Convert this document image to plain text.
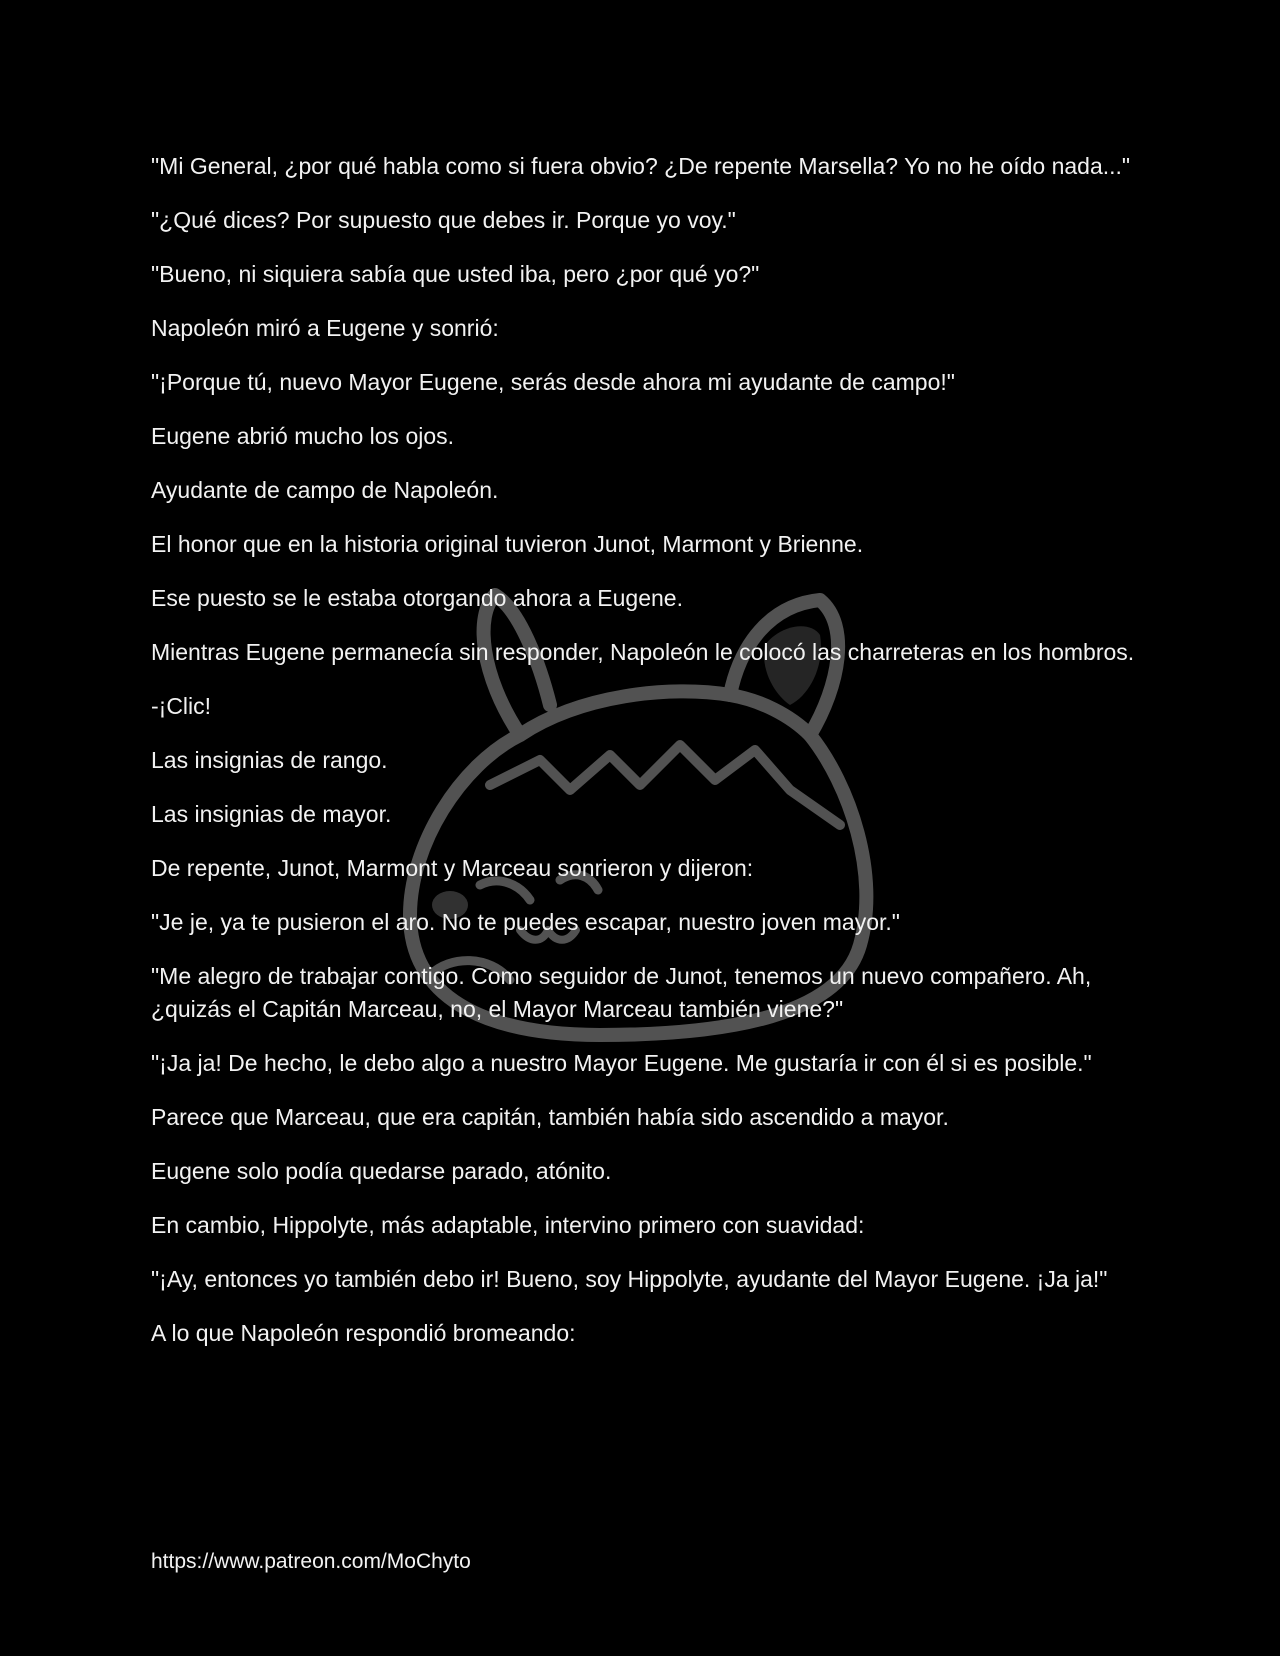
"Mi General, ¿por qué habla como si fuera obvio? ¿De repente Marsella? Yo no he oído nada..."

"¿Qué dices? Por supuesto que debes ir. Porque yo voy."

"Bueno, ni siquiera sabía que usted iba, pero ¿por qué yo?"

Napoleón miró a Eugene y sonrió:

"¡Porque tú, nuevo Mayor Eugene, serás desde ahora mi ayudante de campo!"

Eugene abrió mucho los ojos.

Ayudante de campo de Napoleón.

El honor que en la historia original tuvieron Junot, Marmont y Brienne.

Ese puesto se le estaba otorgando ahora a Eugene.

Mientras Eugene permanecía sin responder, Napoleón le colocó las charreteras en los hombros.

-¡Clic!

Las insignias de rango.

Las insignias de mayor.

De repente, Junot, Marmont y Marceau sonrieron y dijeron:

"Je je, ya te pusieron el aro. No te puedes escapar, nuestro joven mayor."

"Me alegro de trabajar contigo. Como seguidor de Junot, tenemos un nuevo compañero. Ah, ¿quizás el Capitán Marceau, no, el Mayor Marceau también viene?"

"¡Ja ja! De hecho, le debo algo a nuestro Mayor Eugene. Me gustaría ir con él si es posible."

Parece que Marceau, que era capitán, también había sido ascendido a mayor.

Eugene solo podía quedarse parado, atónito.

En cambio, Hippolyte, más adaptable, intervino primero con suavidad:

"¡Ay, entonces yo también debo ir! Bueno, soy Hippolyte, ayudante del Mayor Eugene. ¡Ja ja!"

A lo que Napoleón respondió bromeando:

https://www.patreon.com/MoChyto
